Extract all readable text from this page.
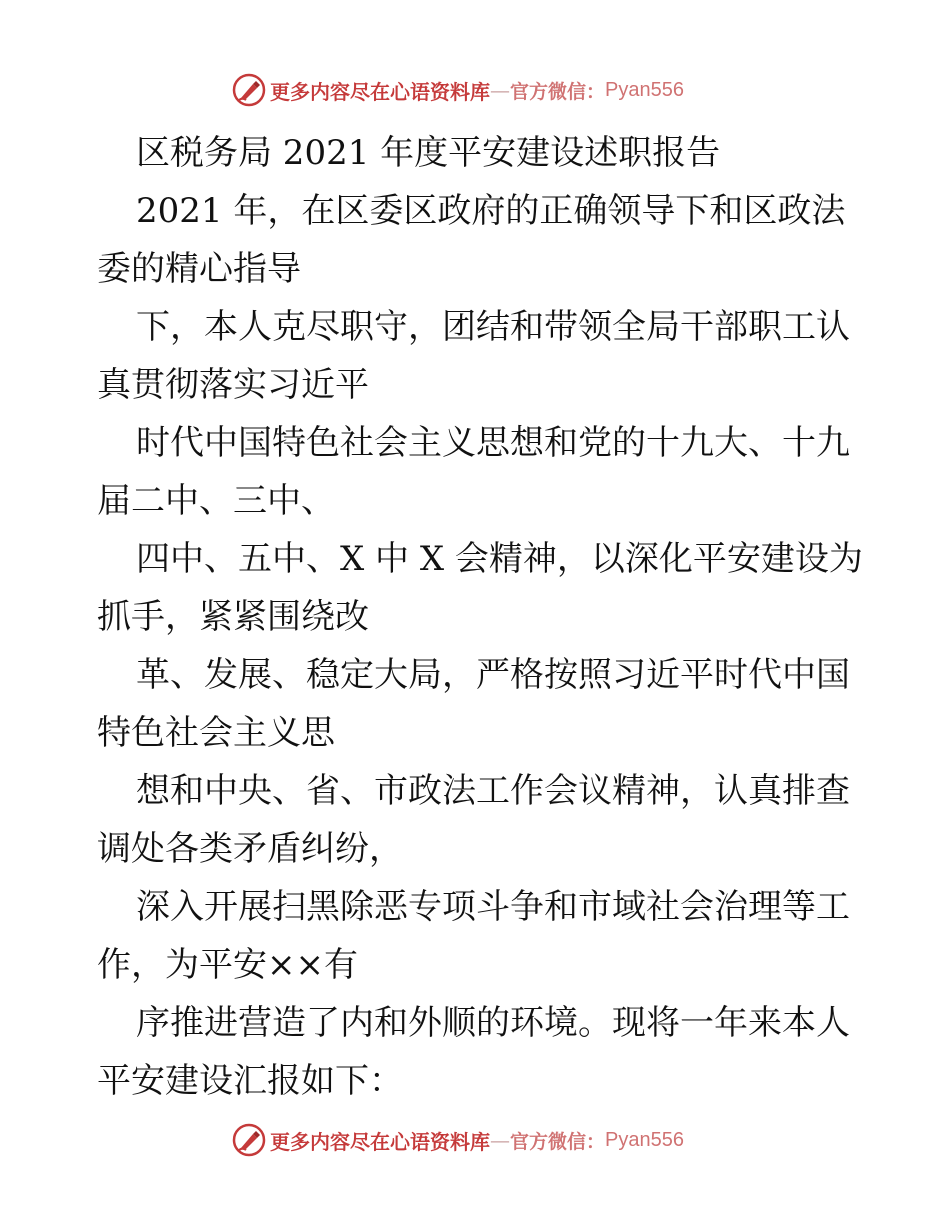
更多内容尽在心语资料库 — 官方微信： Pyan556
区税务局 2021 年度平安建设述职报告
2021 年，在区委区政府的正确领导下和区政法
委的精心指导
下，本人克尽职守，团结和带领全局干部职工认
真贯彻落实习近平
时代中国特色社会主义思想和党的十九大、十九
届二中、三中、
四中、五中、X 中 X 会精神，以深化平安建设为
抓手，紧紧围绕改
革、发展、稳定大局，严格按照习近平时代中国
特色社会主义思
想和中央、省、市政法工作会议精神，认真排查
调处各类矛盾纠纷，
深入开展扫黑除恶专项斗争和市域社会治理等工
作，为平安××有
序推进营造了内和外顺的环境。现将一年来本人
平安建设汇报如下：
更多内容尽在心语资料库 — 官方微信： Pyan556
